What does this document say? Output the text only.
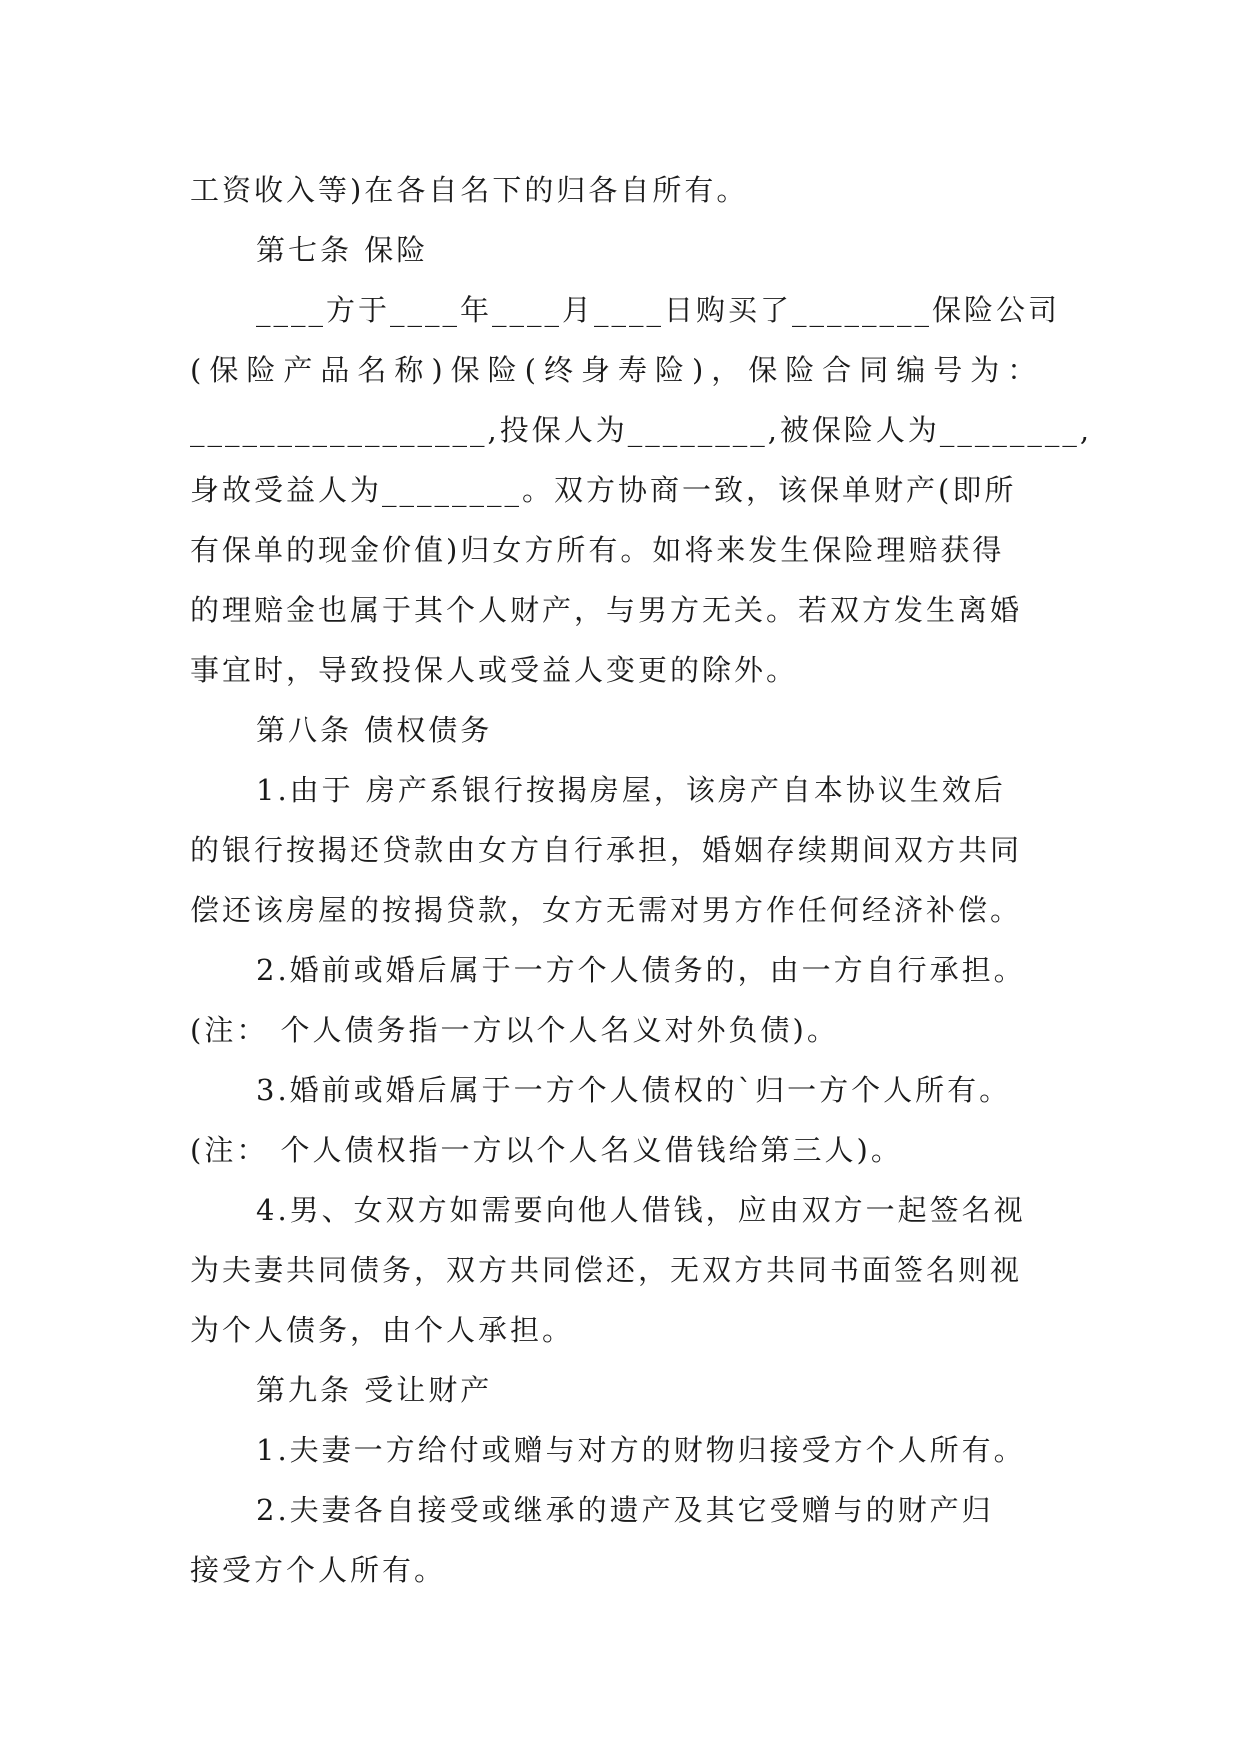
工资收入等)在各自名下的归各自所有。
第七条 保险
____方于____年____月____日购买了________保险公司
(保险产品名称)保险(终身寿险)，保险合同编号为：
_________________,投保人为________,被保险人为________,
身故受益人为________。双方协商一致，该保单财产(即所
有保单的现金价值)归女方所有。如将来发生保险理赔获得
的理赔金也属于其个人财产，与男方无关。若双方发生离婚
事宜时，导致投保人或受益人变更的除外。
第八条 债权债务
1.由于 房产系银行按揭房屋，该房产自本协议生效后
的银行按揭还贷款由女方自行承担，婚姻存续期间双方共同
偿还该房屋的按揭贷款，女方无需对男方作任何经济补偿。
2.婚前或婚后属于一方个人债务的，由一方自行承担。
(注： 个人债务指一方以个人名义对外负债)。
3.婚前或婚后属于一方个人债权的`归一方个人所有。
(注： 个人债权指一方以个人名义借钱给第三人)。
4.男、女双方如需要向他人借钱，应由双方一起签名视
为夫妻共同债务，双方共同偿还，无双方共同书面签名则视
为个人债务，由个人承担。
第九条 受让财产
1.夫妻一方给付或赠与对方的财物归接受方个人所有。
2.夫妻各自接受或继承的遗产及其它受赠与的财产归
接受方个人所有。
